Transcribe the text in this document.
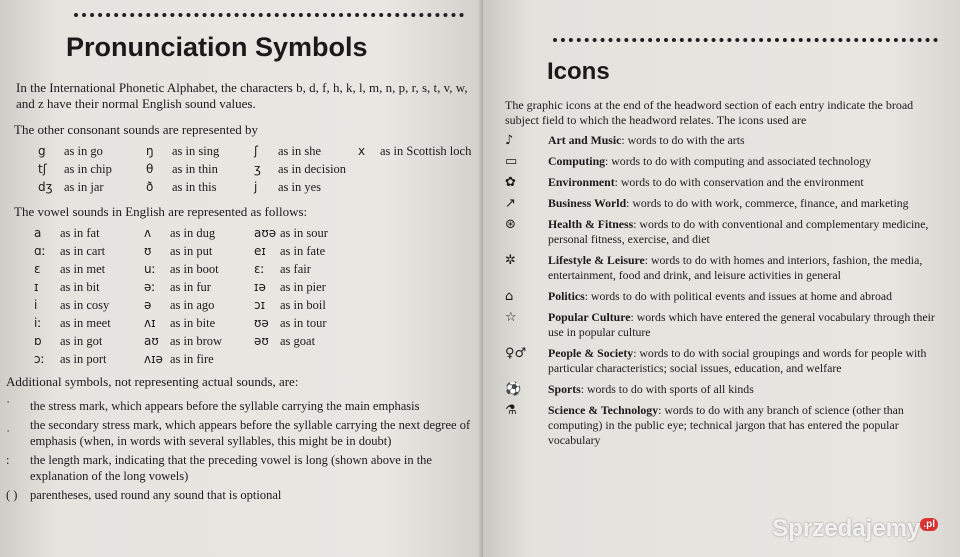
Pronunciation Symbols

In the International Phonetic Alphabet, the characters b, d, f, h, k, l, m, n, p, r, s, t, v, w, and z have their normal English sound values.

The other consonant sounds are represented by

g	as in go	ŋ	as in sing	ʃ	as in she	x	as in Scottish loch
tʃ	as in chip	θ	as in thin	ʒ	as in decision		
dʒ	as in jar	ð	as in this	j	as in yes		

The vowel sounds in English are represented as follows:

a	as in fat	ʌ	as in dug	aʊə	as in sour
ɑː	as in cart	ʊ	as in put	eɪ	as in fate
ɛ	as in met	uː	as in boot	ɛː	as fair
ɪ	as in bit	əː	as in fur	ɪə	as in pier
i	as in cosy	ə	as in ago	ɔɪ	as in boil
iː	as in meet	ʌɪ	as in bite	ʊə	as in tour
ɒ	as in got	aʊ	as in brow	əʊ	as goat
ɔː	as in port	ʌɪə	as in fire		

Additional symbols, not representing actual sounds, are:

ˈ	the stress mark, which appears before the syllable carrying the main emphasis
ˌ	the secondary stress mark, which appears before the syllable carrying the next degree of emphasis (when, in words with several syllables, this might be in doubt)
:	the length mark, indicating that the preceding vowel is long (shown above in the explanation of the long vowels)
( )	parentheses, used round any sound that is optional
Icons

The graphic icons at the end of the headword section of each entry indicate the broad subject field to which the headword relates. The icons used are

♪	Art and Music: words to do with the arts
▭	Computing: words to do with computing and associated technology
✿	Environment: words to do with conservation and the environment
↗	Business World: words to do with work, commerce, finance, and marketing
⊛	Health & Fitness: words to do with conventional and complementary medicine, personal fitness, exercise, and diet
✲	Lifestyle & Leisure: words to do with homes and interiors, fashion, the media, entertainment, food and drink, and leisure activities in general
⌂	Politics: words to do with political events and issues at home and abroad
☆	Popular Culture: words which have entered the general vocabulary through their use in popular culture
♀♂	People & Society: words to do with social groupings and words for people with particular characteristics; social issues, education, and welfare
⚽	Sports: words to do with sports of all kinds
⚗	Science & Technology: words to do with any branch of science (other than computing) in the public eye; technical jargon that has entered the popular vocabulary
Sprzedajemy $^{.pl}$
